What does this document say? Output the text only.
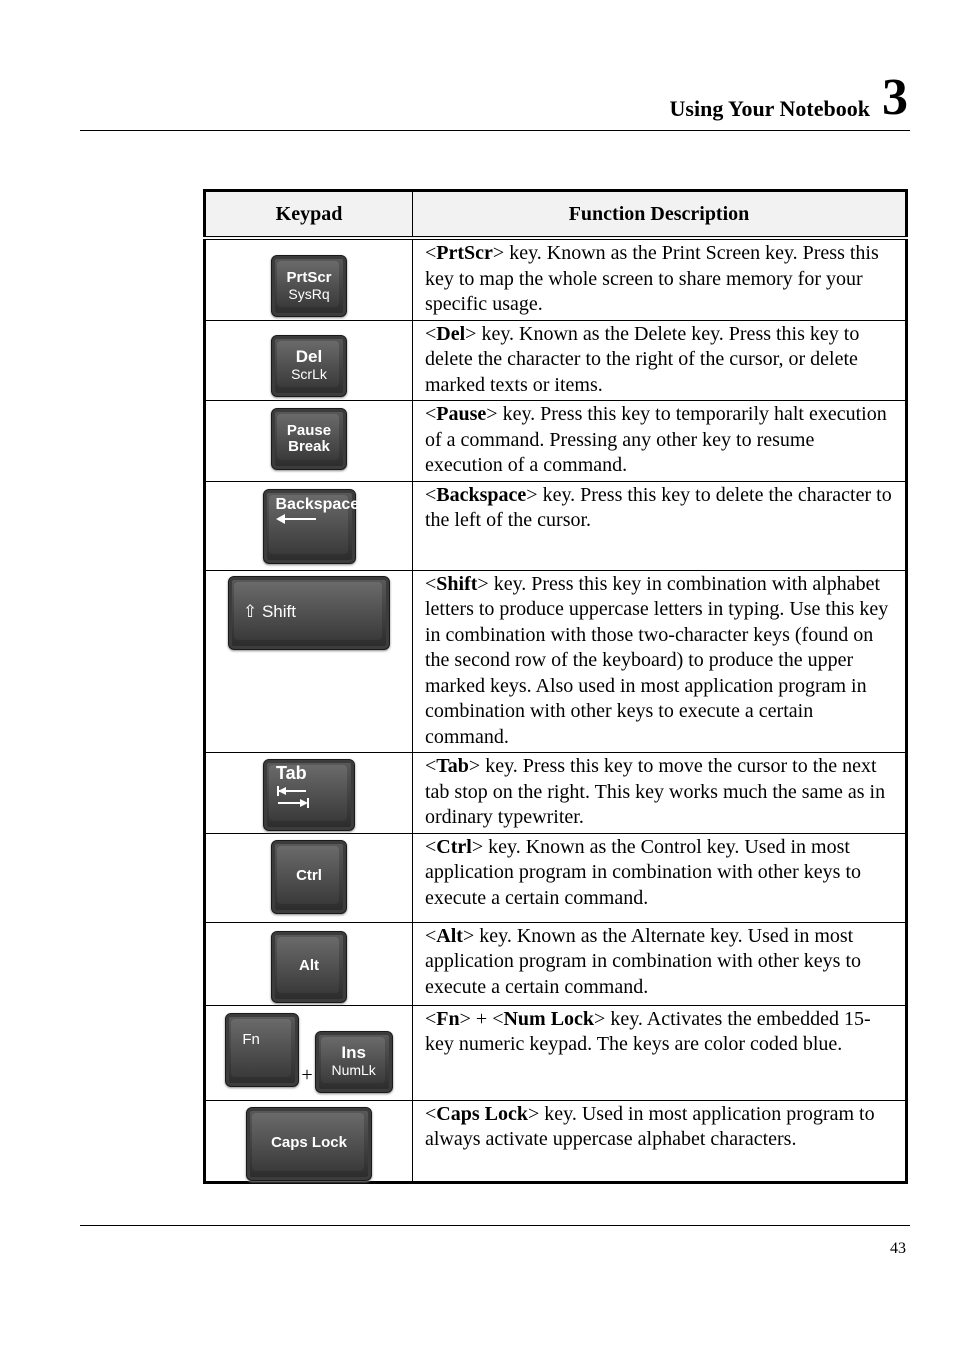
Using Your Notebook 3
Keypad	Function Description

PrtScr
SysRq	<PrtScr> key. Known as the Print Screen key. Press this key to map the whole screen to share memory for your specific usage.

Del
ScrLk	<Del> key. Known as the Delete key. Press this key to delete the character to the right of the cursor, or delete marked texts or items.

Pause
Break	<Pause> key. Press this key to temporarily halt execution of a command. Pressing any other key to resume execution of a command.

Backspace	<Backspace> key. Press this key to delete the character to the left of the cursor.

⇧ Shift	<Shift> key. Press this key in combination with alphabet letters to produce uppercase letters in typing. Use this key in combination with those two-character keys (found on the second row of the keyboard) to produce the upper marked keys. Also used in most application program in combination with other keys to execute a certain command.

Tab	<Tab> key. Press this key to move the cursor to the next tab stop on the right. This key works much the same as in ordinary typewriter.

Ctrl	<Ctrl> key. Known as the Control key. Used in most application program in combination with other keys to execute a certain command.

Alt	<Alt> key. Known as the Alternate key. Used in most application program in combination with other keys to execute a certain command.

Fn
+
Ins
NumLk	<Fn> + <Num Lock> key. Activates the embedded 15-key numeric keypad. The keys are color coded blue.

Caps Lock	<Caps Lock> key. Used in most application program to always activate uppercase alphabet characters.
43
